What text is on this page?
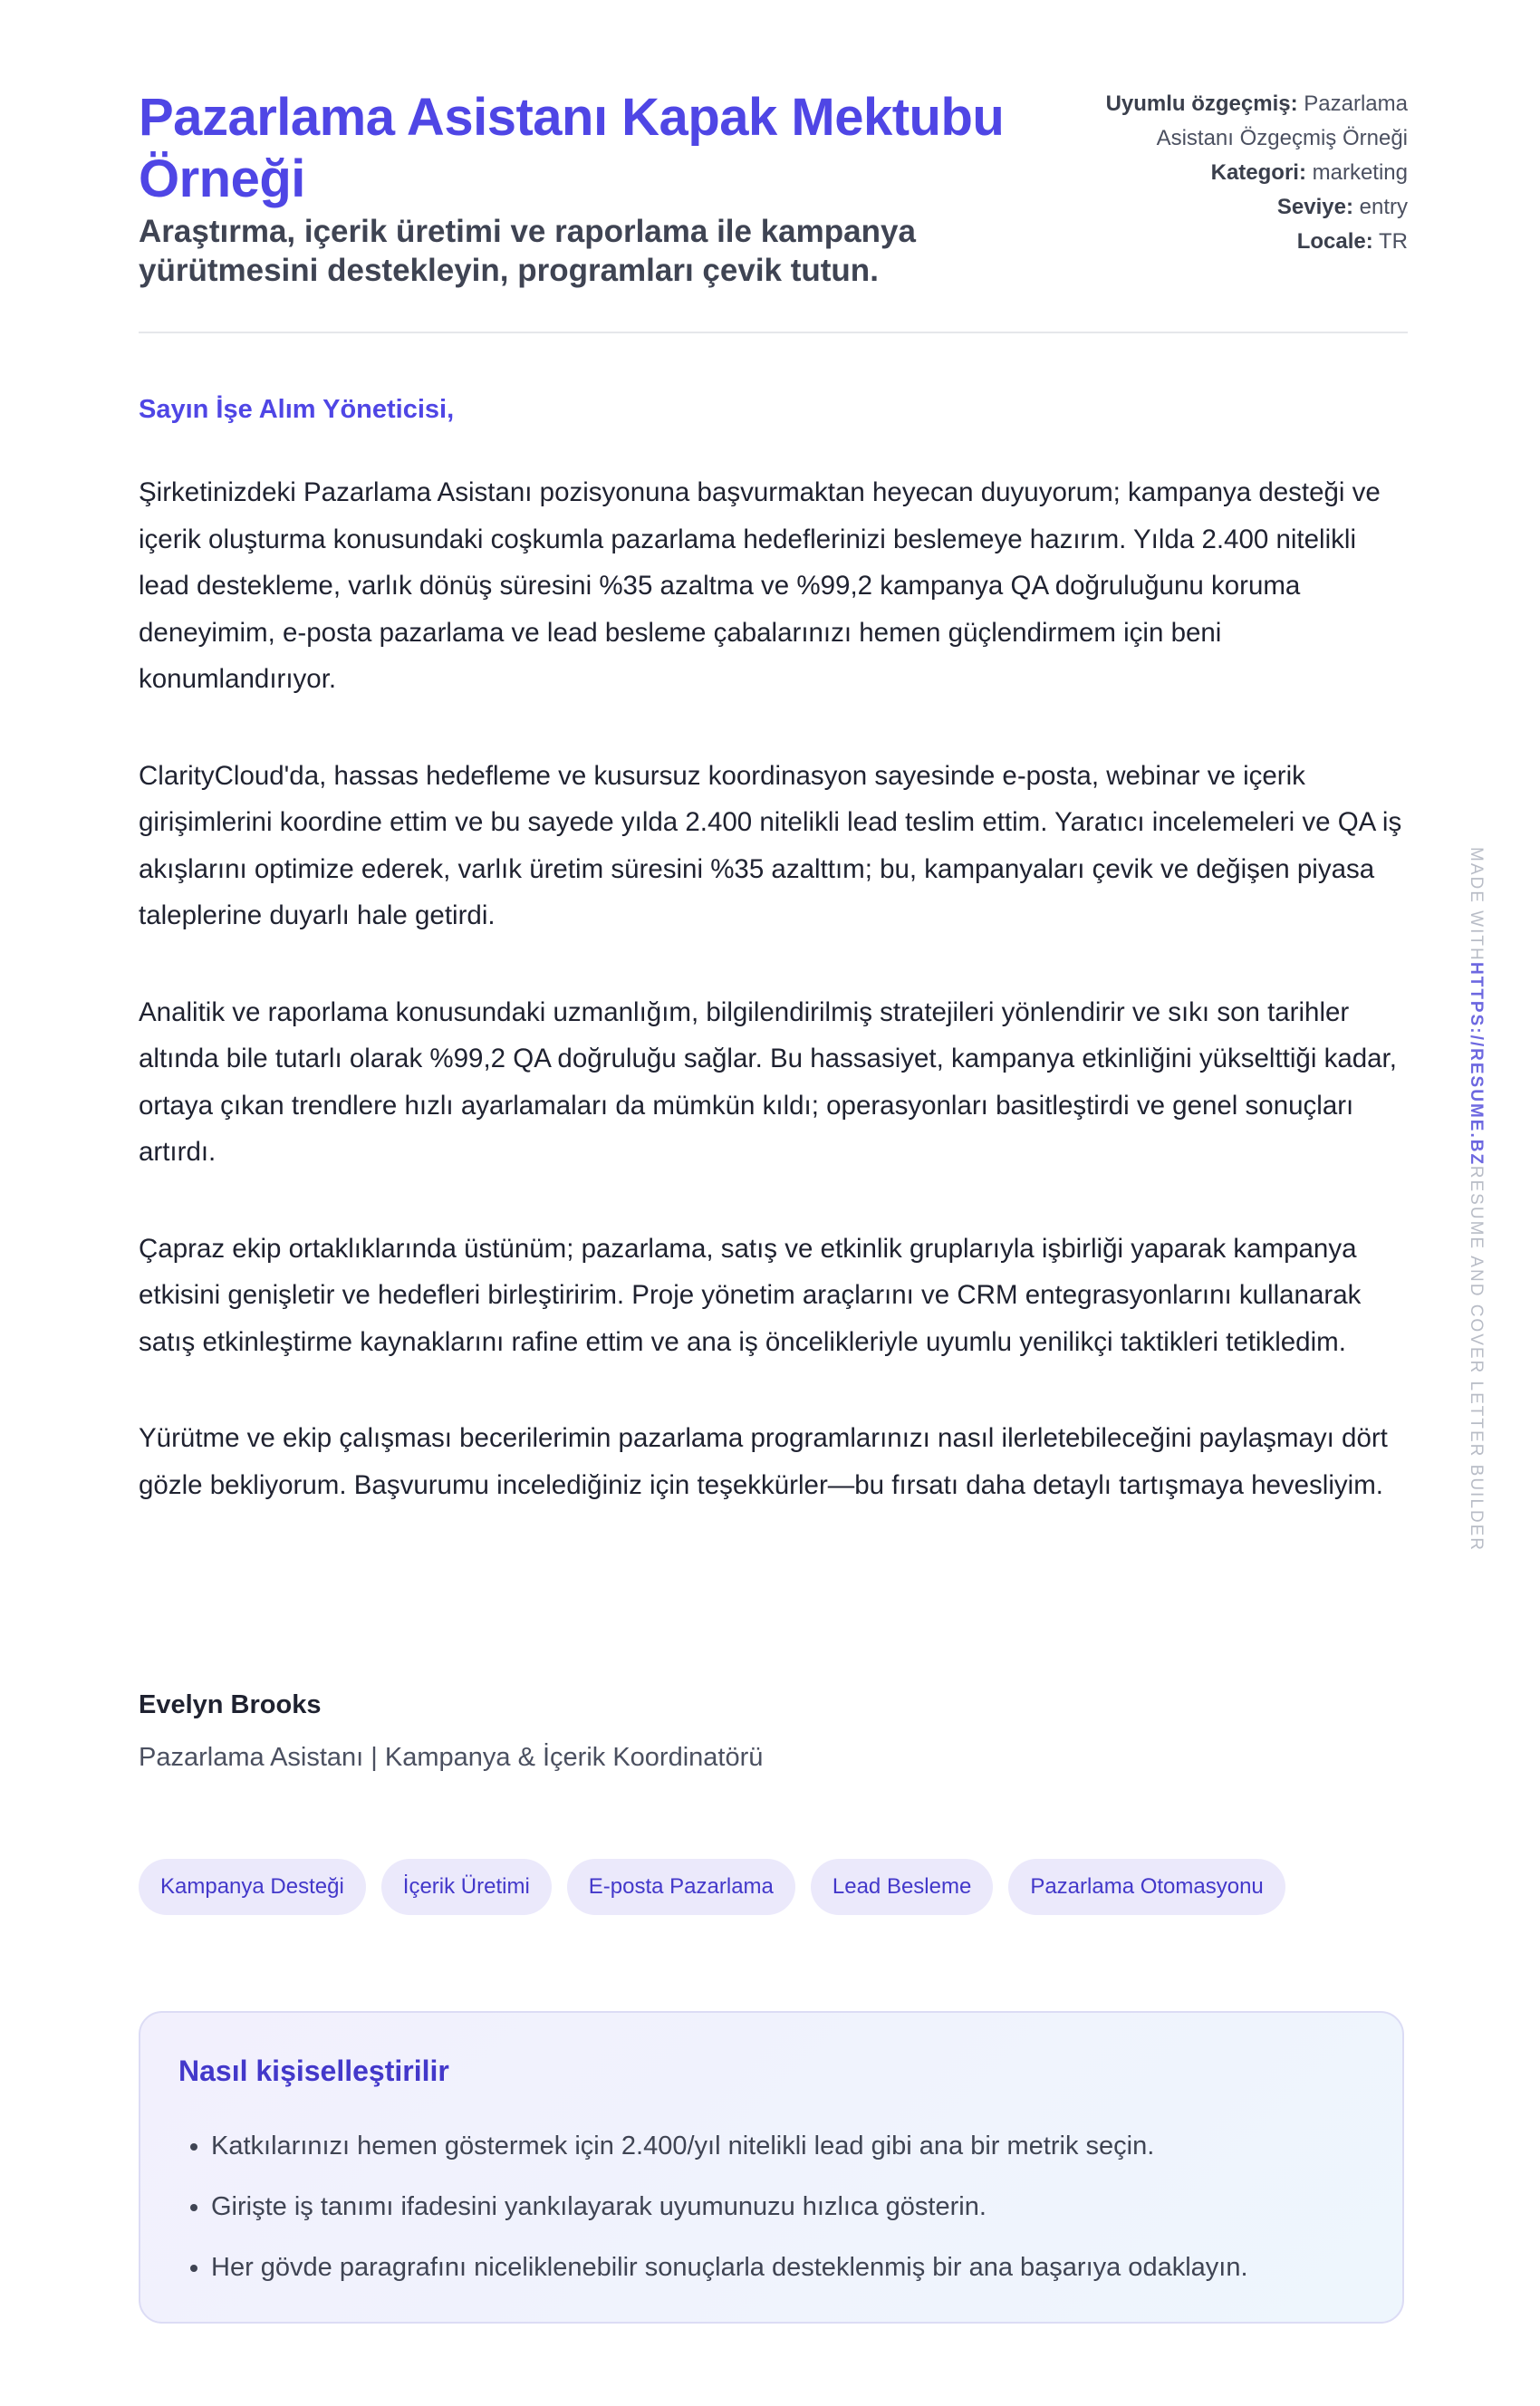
Pazarlama Asistanı Kapak Mektubu Örneği
Araştırma, içerik üretimi ve raporlama ile kampanya yürütmesini destekleyin, programları çevik tutun.

Uyumlu özgeçmiş: Pazarlama Asistanı Özgeçmiş Örneği

Kategori: marketing

Seviye: entry

Locale: TR

Sayın İşe Alım Yöneticisi,

Şirketinizdeki Pazarlama Asistanı pozisyonuna başvurmaktan heyecan duyuyorum; kampanya desteği ve içerik oluşturma konusundaki coşkumla pazarlama hedeflerinizi beslemeye hazırım. Yılda 2.400 nitelikli lead destekleme, varlık dönüş süresini %35 azaltma ve %99,2 kampanya QA doğruluğunu koruma deneyimim, e-posta pazarlama ve lead besleme çabalarınızı hemen güçlendirmem için beni konumlandırıyor.

ClarityCloud'da, hassas hedefleme ve kusursuz koordinasyon sayesinde e-posta, webinar ve içerik girişimlerini koordine ettim ve bu sayede yılda 2.400 nitelikli lead teslim ettim. Yaratıcı incelemeleri ve QA iş akışlarını optimize ederek, varlık üretim süresini %35 azalttım; bu, kampanyaları çevik ve değişen piyasa taleplerine duyarlı hale getirdi.

Analitik ve raporlama konusundaki uzmanlığım, bilgilendirilmiş stratejileri yönlendirir ve sıkı son tarihler altında bile tutarlı olarak %99,2 QA doğruluğu sağlar. Bu hassasiyet, kampanya etkinliğini yükselttiği kadar, ortaya çıkan trendlere hızlı ayarlamaları da mümkün kıldı; operasyonları basitleştirdi ve genel sonuçları artırdı.

Çapraz ekip ortaklıklarında üstünüm; pazarlama, satış ve etkinlik gruplarıyla işbirliği yaparak kampanya etkisini genişletir ve hedefleri birleştiririm. Proje yönetim araçlarını ve CRM entegrasyonlarını kullanarak satış etkinleştirme kaynaklarını rafine ettim ve ana iş öncelikleriyle uyumlu yenilikçi taktikleri tetikledim.

Yürütme ve ekip çalışması becerilerimin pazarlama programlarınızı nasıl ilerletebileceğini paylaşmayı dört gözle bekliyorum. Başvurumu incelediğiniz için teşekkürler—bu fırsatı daha detaylı tartışmaya hevesliyim.

Evelyn Brooks
Pazarlama Asistanı | Kampanya & İçerik Koordinatörü
Kampanya Desteği	İçerik Üretimi	E-posta Pazarlama	Lead Besleme	Pazarlama Otomasyonu
Nasıl kişiselleştirilir
• Katkılarınızı hemen göstermek için 2.400/yıl nitelikli lead gibi ana bir metrik seçin.
• Girişte iş tanımı ifadesini yankılayarak uyumunuzu hızlıca gösterin.
• Her gövde paragrafını niceliklenebilir sonuçlarla desteklenmiş bir ana başarıya odaklayın.
MADE WITHHTTPS://RESUME.BZRESUME AND COVER LETTER BUILDER
